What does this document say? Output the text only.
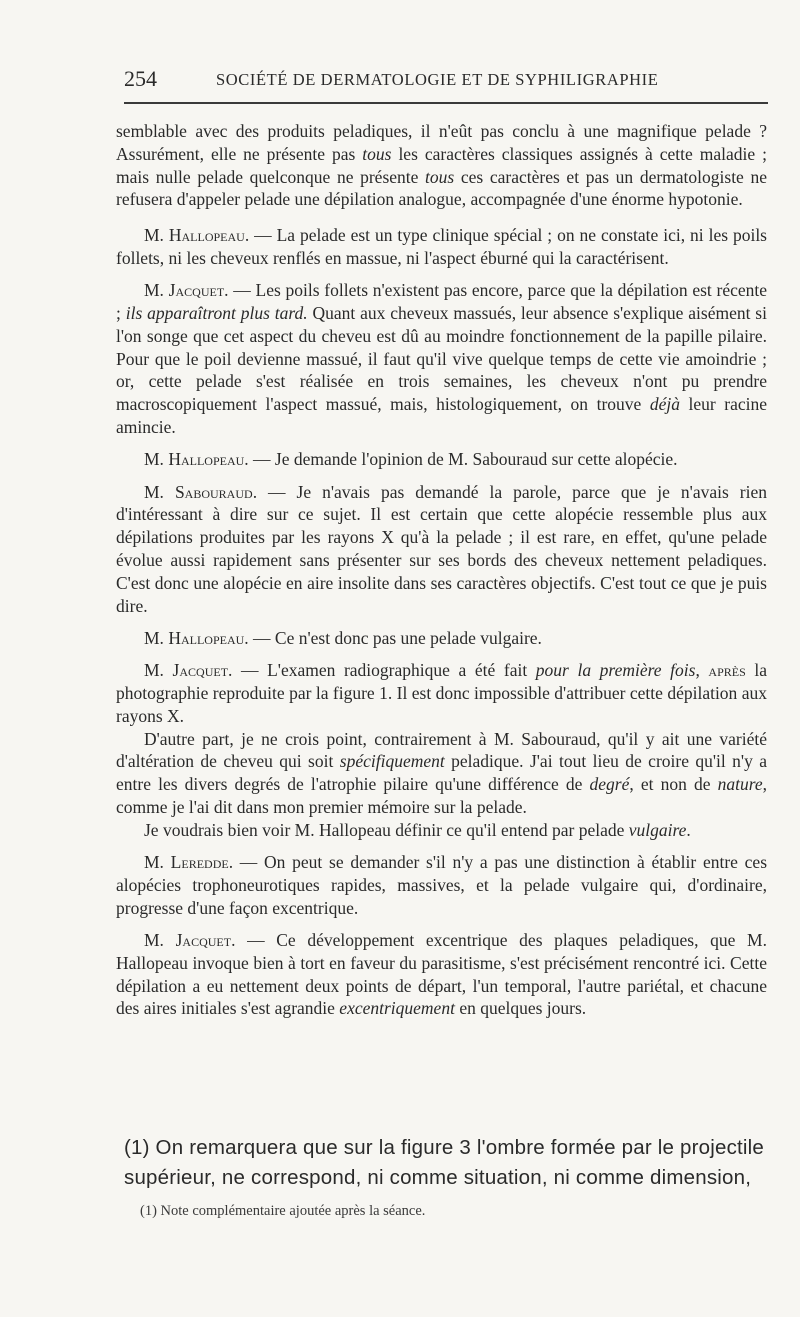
254	SOCIÉTÉ DE DERMATOLOGIE ET DE SYPHILIGRAPHIE

semblable avec des produits peladiques, il n'eût pas conclu à une magnifique pelade ? Assurément, elle ne présente pas tous les caractères classiques assignés à cette maladie ; mais nulle pelade quelconque ne présente tous ces caractères et pas un dermatologiste ne refusera d'appeler pelade une dépilation analogue, accompagnée d'une énorme hypotonie.

M. Hallopeau. — La pelade est un type clinique spécial ; on ne constate ici, ni les poils follets, ni les cheveux renflés en massue, ni l'aspect éburné qui la caractérisent.

M. Jacquet. — Les poils follets n'existent pas encore, parce que la dépilation est récente ; ils apparaîtront plus tard. Quant aux cheveux massués, leur absence s'explique aisément si l'on songe que cet aspect du cheveu est dû au moindre fonctionnement de la papille pilaire. Pour que le poil devienne massué, il faut qu'il vive quelque temps de cette vie amoindrie ; or, cette pelade s'est réalisée en trois semaines, les cheveux n'ont pu prendre macroscopiquement l'aspect massué, mais, histologiquement, on trouve déjà leur racine amincie.

M. Hallopeau. — Je demande l'opinion de M. Sabouraud sur cette alopécie.

M. Sabouraud. — Je n'avais pas demandé la parole, parce que je n'avais rien d'intéressant à dire sur ce sujet. Il est certain que cette alopécie ressemble plus aux dépilations produites par les rayons X qu'à la pelade ; il est rare, en effet, qu'une pelade évolue aussi rapidement sans présenter sur ses bords des cheveux nettement peladiques. C'est donc une alopécie en aire insolite dans ses caractères objectifs. C'est tout ce que je puis dire.

M. Hallopeau. — Ce n'est donc pas une pelade vulgaire.

M. Jacquet. — L'examen radiographique a été fait pour la première fois, après la photographie reproduite par la figure 1. Il est donc impossible d'attribuer cette dépilation aux rayons X.

D'autre part, je ne crois point, contrairement à M. Sabouraud, qu'il y ait une variété d'altération de cheveu qui soit spécifiquement peladique. J'ai tout lieu de croire qu'il n'y a entre les divers degrés de l'atrophie pilaire qu'une différence de degré, et non de nature, comme je l'ai dit dans mon premier mémoire sur la pelade.

Je voudrais bien voir M. Hallopeau définir ce qu'il entend par pelade vulgaire.

M. Leredde. — On peut se demander s'il n'y a pas une distinction à établir entre ces alopécies trophoneurotiques rapides, massives, et la pelade vulgaire qui, d'ordinaire, progresse d'une façon excentrique.

M. Jacquet. — Ce développement excentrique des plaques peladiques, que M. Hallopeau invoque bien à tort en faveur du parasitisme, s'est précisément rencontré ici. Cette dépilation a eu nettement deux points de départ, l'un temporal, l'autre pariétal, et chacune des aires initiales s'est agrandie excentriquement en quelques jours.

(1) On remarquera que sur la figure 3 l'ombre formée par le projectile supérieur, ne correspond, ni comme situation, ni comme dimension,
(1) Note complémentaire ajoutée après la séance.
